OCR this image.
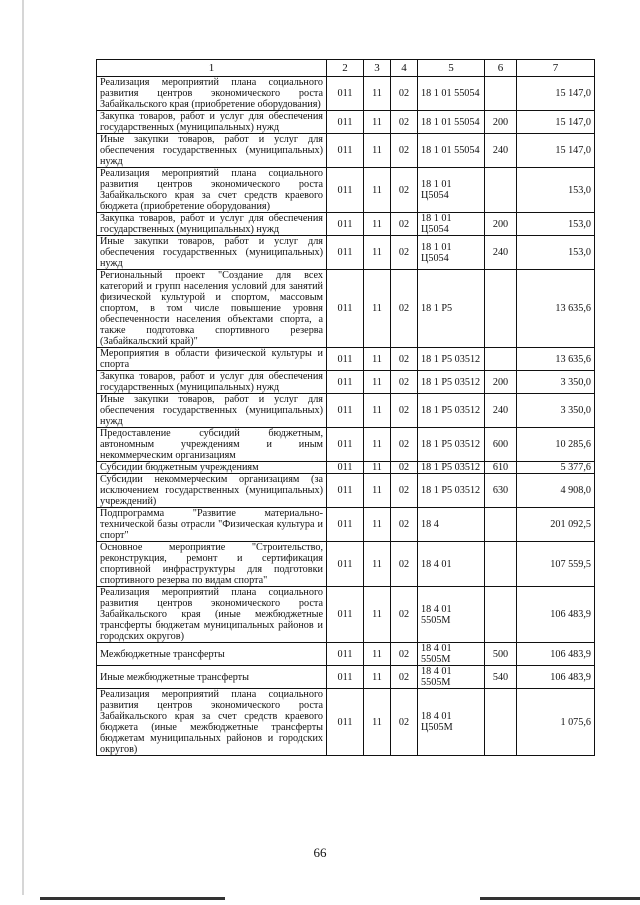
1	2	3	4	5	6	7
Реализация мероприятий плана социального развития центров экономического роста Забайкальского края (приобретение оборудования)	011	11	02	18 1 01 55054		15 147,0
Закупка товаров, работ и услуг для обеспечения государственных (муниципальных) нужд	011	11	02	18 1 01 55054	200	15 147,0
Иные закупки товаров, работ и услуг для обеспечения государственных (муниципальных) нужд	011	11	02	18 1 01 55054	240	15 147,0
Реализация мероприятий плана социального развития центров экономического роста Забайкальского края за счет средств краевого бюджета (приобретение оборудования)	011	11	02	18 1 01 Ц5054		153,0
Закупка товаров, работ и услуг для обеспечения государственных (муниципальных) нужд	011	11	02	18 1 01 Ц5054	200	153,0
Иные закупки товаров, работ и услуг для обеспечения государственных (муниципальных) нужд	011	11	02	18 1 01 Ц5054	240	153,0
Региональный проект "Создание для всех категорий и групп населения условий для занятий физической культурой и спортом, массовым спортом, в том числе повышение уровня обеспеченности населения объектами спорта, а также подготовка спортивного резерва (Забайкальский край)"	011	11	02	18 1 P5		13 635,6
Мероприятия в области физической культуры и спорта	011	11	02	18 1 P5 03512		13 635,6
Закупка товаров, работ и услуг для обеспечения государственных (муниципальных) нужд	011	11	02	18 1 P5 03512	200	3 350,0
Иные закупки товаров, работ и услуг для обеспечения государственных (муниципальных) нужд	011	11	02	18 1 P5 03512	240	3 350,0
Предоставление субсидий бюджетным, автономным учреждениям и иным некоммерческим организациям	011	11	02	18 1 P5 03512	600	10 285,6
Субсидии бюджетным учреждениям	011	11	02	18 1 P5 03512	610	5 377,6
Субсидии некоммерческим организациям (за исключением государственных (муниципальных) учреждений)	011	11	02	18 1 P5 03512	630	4 908,0
Подпрограмма "Развитие материально-технической базы отрасли "Физическая культура и спорт"	011	11	02	18 4		201 092,5
Основное мероприятие "Строительство, реконструкция, ремонт и сертификация спортивной инфраструктуры для подготовки спортивного резерва по видам спорта"	011	11	02	18 4 01		107 559,5
Реализация мероприятий плана социального развития центров экономического роста Забайкальского края (иные межбюджетные трансферты бюджетам муниципальных районов и городских округов)	011	11	02	18 4 01 5505M		106 483,9
Межбюджетные трансферты	011	11	02	18 4 01 5505M	500	106 483,9
Иные межбюджетные трансферты	011	11	02	18 4 01 5505M	540	106 483,9
Реализация мероприятий плана социального развития центров экономического роста Забайкальского края за счет средств краевого бюджета (иные межбюджетные трансферты бюджетам муниципальных районов и городских округов)	011	11	02	18 4 01 Ц505M		1 075,6
66
